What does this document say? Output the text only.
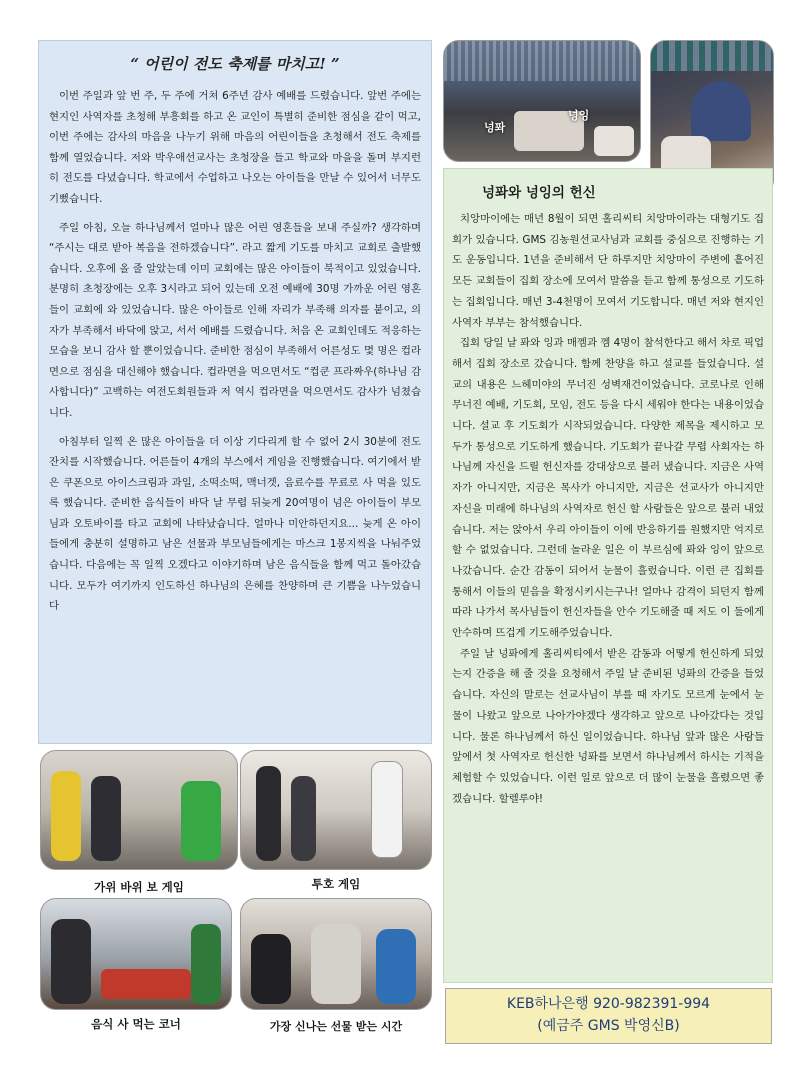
“ 어린이 전도 축제를 마치고! ”

이번 주일과 앞 번 주, 두 주에 거쳐 6주년 감사 예배를 드렸습니다. 앞번 주에는 현지인 사역자를 초청해 부흥회를 하고 온 교인이 특별히 준비한 점심을 같이 먹고, 이번 주에는 감사의 마음을 나누기 위해 마음의 어린이들을 초청해서 전도 축제를 함께 열었습니다. 저와 박우애선교사는 초청장을 들고 학교와 마을을 돌며 부지런히 전도를 다녔습니다. 학교에서 수업하고 나오는 아이들을 만날 수 있어서 너무도 기뻤습니다.

주일 아침, 오늘 하나님께서 얼마나 많은 어린 영혼들을 보내 주실까? 생각하며 “주시는 대로 받아 복음을 전하겠습니다”. 라고 짧게 기도를 마치고 교회로 출발했습니다. 오후에 올 줄 알았는데 이미 교회에는 많은 아이들이 북적이고 있었습니다. 분명히 초청장에는 오후 3시라고 되어 있는데 오전 예배에 30명 가까운 어린 영혼들이 교회에 와 있었습니다. 많은 아이들로 인해 자리가 부족해 의자를 붙이고, 의자가 부족해서 바닥에 앉고, 서서 예배를 드렸습니다. 처음 온 교회인데도 적응하는 모습을 보니 감사 할 뿐이었습니다. 준비한 점심이 부족해서 어른성도 몇 명은 컵라면으로 점심을 대신해야 했습니다. 컵라면을 먹으면서도 “컵쿤 프라짜우(하나님 감사합니다)” 고백하는 여전도회원들과 저 역시 컵라면을 먹으면서도 감사가 넘쳤습니다.

아침부터 일찍 온 많은 아이들을 더 이상 기다리게 할 수 없어 2시 30분에 전도 잔치를 시작했습니다. 어른들이 4개의 부스에서 게임을 진행했습니다. 여기에서 받은 쿠폰으로 아이스크림과 과일, 소떡소떡, 맥너겟, 음료수를 무료로 사 먹을 있도록 했습니다. 준비한 음식들이 바닥 날 무렵 뒤늦게 20여명이 넘은 아이들이 부모님과 오토바이를 타고 교회에 나타났습니다. 얼마나 미안하던지요... 늦게 온 아이들에게 충분히 설명하고 남은 선물과 부모님들에게는 마스크 1봉지씩을 나눠주었습니다. 다음에는 꼭 일찍 오겠다고 이야기하며 남은 음식들을 함께 먹고 돌아갔습니다. 모두가 여기까지 인도하신 하나님의 은혜를 찬양하며 큰 기쁨을 나누었습니다

넝퐈
넝잉
넝퐈와 넝잉의 헌신

치앙마이에는 매년 8월이 되면 홀리씨티 치앙마이라는 대형기도 집회가 있습니다. GMS 김농원선교사님과 교회를 중심으로 진행하는 기도 운동입니다. 1년을 준비해서 단 하루지만 치앙마이 주변에 흩어진 모든 교회들이 집회 장소에 모여서 말씀을 듣고 함께 통성으로 기도하는 집회입니다. 매년 3-4천명이 모여서 기도합니다. 매년 저와 현지인 사역자 부부는 참석했습니다.

집회 당일 날 퐈와 잉과 매껨과 껨 4명이 참석한다고 해서 차로 픽업해서 집회 장소로 갔습니다. 함께 찬양을 하고 설교를 들었습니다. 설교의 내용은 느헤미야의 무너진 성벽재건이었습니다. 코로나로 인해 무너진 예배, 기도회, 모임, 전도 등을 다시 세워야 한다는 내용이었습니다. 설교 후 기도회가 시작되었습니다. 다양한 제목을 제시하고 모두가 통성으로 기도하게 했습니다. 기도회가 끝나갈 무렵 사회자는 하나님께 자신을 드릴 헌신자를 강대상으로 불러 냈습니다. 지금은 사역자가 아니지만, 지금은 목사가 아니지만, 지금은 선교사가 아니지만 자신을 미래에 하나님의 사역자로 헌신 할 사람들은 앞으로 불러 내었습니다. 저는 앉아서 우리 아이들이 이에 반응하기를 원했지만 억지로 할 수 없었습니다. 그런데 놀라운 일은 이 부르심에 퐈와 잉이 앞으로 나갔습니다. 순간 감동이 되어서 눈물이 흘렀습니다. 이런 큰 집회를 통해서 이들의 믿음을 확정시키시는구나! 얼마나 감격이 되던지 함께 따라 나가서 목사님들이 헌신자들을 안수 기도해줄 때 저도 이 둘에게 안수하며 뜨겁게 기도해주었습니다.

주일 날 넝퐈에게 홀리씨티에서 받은 감동과 어떻게 헌신하게 되었는지 간증을 해 줄 것을 요청해서 주일 날 준비된 넝퐈의 간증을 들었습니다. 자신의 말로는 선교사님이 부를 때 자기도 모르게 눈에서 눈물이 나왔고 앞으로 나아가야겠다 생각하고 앞으로 나아갔다는 것입니다. 물론 하나님께서 하신 일이었습니다. 하나님 앞과 많은 사람들 앞에서 첫 사역자로 헌신한 넝퐈를 보면서 하나님께서 하시는 기적을 체험할 수 있었습니다. 이런 일로 앞으로 더 많이 눈물을 흘렸으면 좋겠습니다. 할렐루야!

가위 바위 보 게임	투호 게임
음식 사 먹는 코너	가장 신나는 선물 받는 시간
KEB하나은행 920-982391-994
(예금주 GMS 박영신B)
